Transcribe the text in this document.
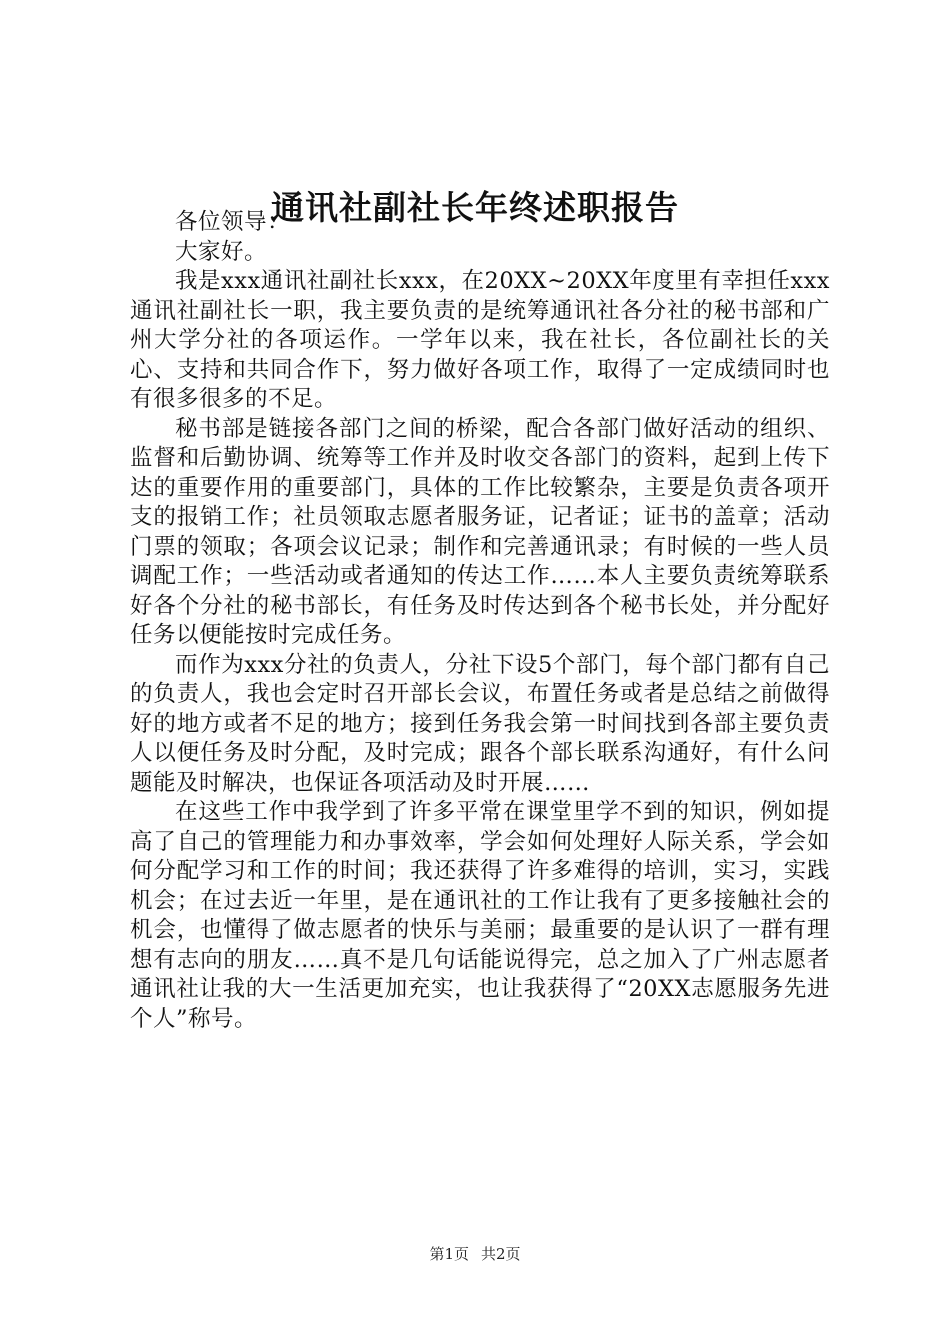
通讯社副社长年终述职报告

各位领导：

大家好。

我是xxx通讯社副社长xxx，在20XX~20XX年度里有幸担任xxx通讯社副社长一职，我主要负责的是统筹通讯社各分社的秘书部和广州大学分社的各项运作。一学年以来，我在社长，各位副社长的关心、支持和共同合作下，努力做好各项工作，取得了一定成绩同时也有很多很多的不足。

秘书部是链接各部门之间的桥梁，配合各部门做好活动的组织、监督和后勤协调、统筹等工作并及时收交各部门的资料，起到上传下达的重要作用的重要部门，具体的工作比较繁杂，主要是负责各项开支的报销工作；社员领取志愿者服务证，记者证；证书的盖章；活动门票的领取；各项会议记录；制作和完善通讯录；有时候的一些人员调配工作；一些活动或者通知的传达工作……本人主要负责统筹联系好各个分社的秘书部长，有任务及时传达到各个秘书长处，并分配好任务以便能按时完成任务。

而作为xxx分社的负责人，分社下设5个部门，每个部门都有自己的负责人，我也会定时召开部长会议，布置任务或者是总结之前做得好的地方或者不足的地方；接到任务我会第一时间找到各部主要负责人以便任务及时分配，及时完成；跟各个部长联系沟通好，有什么问题能及时解决，也保证各项活动及时开展……

在这些工作中我学到了许多平常在课堂里学不到的知识，例如提高了自己的管理能力和办事效率，学会如何处理好人际关系，学会如何分配学习和工作的时间；我还获得了许多难得的培训，实习，实践机会；在过去近一年里，是在通讯社的工作让我有了更多接触社会的机会，也懂得了做志愿者的快乐与美丽；最重要的是认识了一群有理想有志向的朋友……真不是几句话能说得完，总之加入了广州志愿者通讯社让我的大一生活更加充实，也让我获得了“20XX志愿服务先进个人”称号。

第1页 共2页
